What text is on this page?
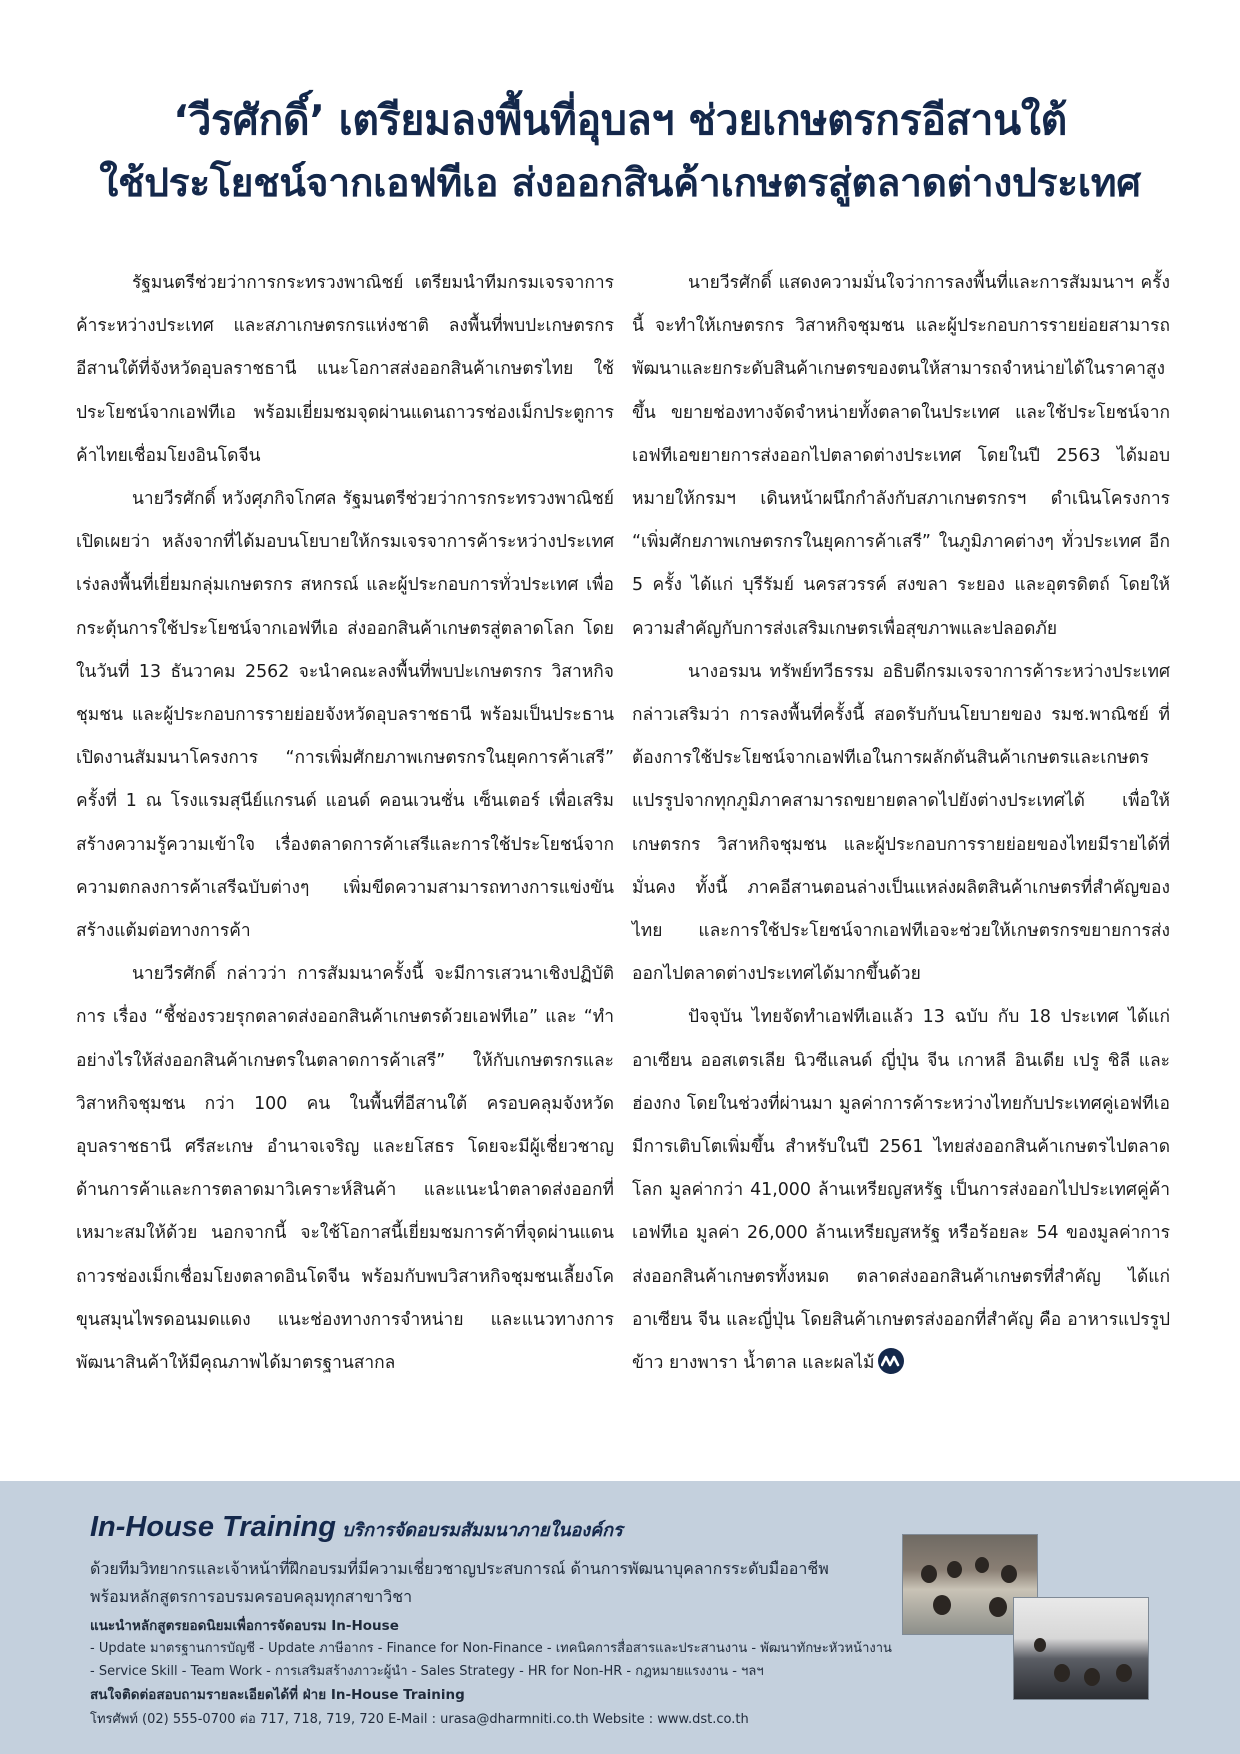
‘วีรศักดิ์’ เตรียมลงพื้นที่อุบลฯ ช่วยเกษตรกรอีสานใต้
ใช้ประโยชน์จากเอฟทีเอ ส่งออกสินค้าเกษตรสู่ตลาดต่างประเทศ

รัฐมนตรีช่วยว่าการกระทรวงพาณิชย์ เตรียมนำทีมกรมเจรจาการค้าระหว่างประเทศ และสภาเกษตรกรแห่งชาติ ลงพื้นที่พบปะเกษตรกรอีสานใต้ที่จังหวัดอุบลราชธานี แนะโอกาสส่งออกสินค้าเกษตรไทย ใช้ประโยชน์จากเอฟทีเอ พร้อมเยี่ยมชมจุดผ่านแดนถาวรช่องเม็กประตูการค้าไทยเชื่อมโยงอินโดจีน

นายวีรศักดิ์ หวังศุภกิจโกศล รัฐมนตรีช่วยว่าการกระทรวงพาณิชย์ เปิดเผยว่า หลังจากที่ได้มอบนโยบายให้กรมเจรจาการค้าระหว่างประเทศ เร่งลงพื้นที่เยี่ยมกลุ่มเกษตรกร สหกรณ์ และผู้ประกอบการทั่วประเทศ เพื่อกระตุ้นการใช้ประโยชน์จากเอฟทีเอ ส่งออกสินค้าเกษตรสู่ตลาดโลก โดยในวันที่ 13 ธันวาคม 2562 จะนำคณะลงพื้นที่พบปะเกษตรกร วิสาหกิจชุมชน และผู้ประกอบการรายย่อยจังหวัดอุบลราชธานี พร้อมเป็นประธานเปิดงานสัมมนาโครงการ “การเพิ่มศักยภาพเกษตรกรในยุคการค้าเสรี” ครั้งที่ 1 ณ โรงแรมสุนีย์แกรนด์ แอนด์ คอนเวนชั่น เซ็นเตอร์ เพื่อเสริมสร้างความรู้ความเข้าใจ เรื่องตลาดการค้าเสรีและการใช้ประโยชน์จากความตกลงการค้าเสรีฉบับต่างๆ เพิ่มขีดความสามารถทางการแข่งขัน สร้างแต้มต่อทางการค้า

นายวีรศักดิ์ กล่าวว่า การสัมมนาครั้งนี้ จะมีการเสวนาเชิงปฏิบัติการ เรื่อง “ชี้ช่องรวยรุกตลาดส่งออกสินค้าเกษตรด้วยเอฟทีเอ” และ “ทำอย่างไรให้ส่งออกสินค้าเกษตรในตลาดการค้าเสรี” ให้กับเกษตรกรและวิสาหกิจชุมชน กว่า 100 คน ในพื้นที่อีสานใต้ ครอบคลุมจังหวัดอุบลราชธานี ศรีสะเกษ อำนาจเจริญ และยโสธร โดยจะมีผู้เชี่ยวชาญด้านการค้าและการตลาดมาวิเคราะห์สินค้า และแนะนำตลาดส่งออกที่เหมาะสมให้ด้วย นอกจากนี้ จะใช้โอกาสนี้เยี่ยมชมการค้าที่จุดผ่านแดนถาวรช่องเม็กเชื่อมโยงตลาดอินโดจีน พร้อมกับพบวิสาหกิจชุมชนเลี้ยงโคขุนสมุนไพรดอนมดแดง แนะช่องทางการจำหน่าย และแนวทางการพัฒนาสินค้าให้มีคุณภาพได้มาตรฐานสากล

นายวีรศักดิ์ แสดงความมั่นใจว่าการลงพื้นที่และการสัมมนาฯ ครั้งนี้ จะทำให้เกษตรกร วิสาหกิจชุมชน และผู้ประกอบการรายย่อยสามารถพัฒนาและยกระดับสินค้าเกษตรของตนให้สามารถจำหน่ายได้ในราคาสูงขึ้น ขยายช่องทางจัดจำหน่ายทั้งตลาดในประเทศ และใช้ประโยชน์จากเอฟทีเอขยายการส่งออกไปตลาดต่างประเทศ โดยในปี 2563 ได้มอบหมายให้กรมฯ เดินหน้าผนึกกำลังกับสภาเกษตรกรฯ ดำเนินโครงการ “เพิ่มศักยภาพเกษตรกรในยุคการค้าเสรี” ในภูมิภาคต่างๆ ทั่วประเทศ อีก 5 ครั้ง ได้แก่ บุรีรัมย์ นครสวรรค์ สงขลา ระยอง และอุตรดิตถ์ โดยให้ความสำคัญกับการส่งเสริมเกษตรเพื่อสุขภาพและปลอดภัย

นางอรมน ทรัพย์ทวีธรรม อธิบดีกรมเจรจาการค้าระหว่างประเทศ กล่าวเสริมว่า การลงพื้นที่ครั้งนี้ สอดรับกับนโยบายของ รมช.พาณิชย์ ที่ต้องการใช้ประโยชน์จากเอฟทีเอในการผลักดันสินค้าเกษตรและเกษตรแปรรูปจากทุกภูมิภาคสามารถขยายตลาดไปยังต่างประเทศได้ เพื่อให้เกษตรกร วิสาหกิจชุมชน และผู้ประกอบการรายย่อยของไทยมีรายได้ที่มั่นคง ทั้งนี้ ภาคอีสานตอนล่างเป็นแหล่งผลิตสินค้าเกษตรที่สำคัญของไทย และการใช้ประโยชน์จากเอฟทีเอจะช่วยให้เกษตรกรขยายการส่งออกไปตลาดต่างประเทศได้มากขึ้นด้วย

ปัจจุบัน ไทยจัดทำเอฟทีเอแล้ว 13 ฉบับ กับ 18 ประเทศ ได้แก่ อาเซียน ออสเตรเลีย นิวซีแลนด์ ญี่ปุ่น จีน เกาหลี อินเดีย เปรู ชิลี และฮ่องกง โดยในช่วงที่ผ่านมา มูลค่าการค้าระหว่างไทยกับประเทศคู่เอฟทีเอมีการเติบโตเพิ่มขึ้น สำหรับในปี 2561 ไทยส่งออกสินค้าเกษตรไปตลาดโลก มูลค่ากว่า 41,000 ล้านเหรียญสหรัฐ เป็นการส่งออกไปประเทศคู่ค้าเอฟทีเอ มูลค่า 26,000 ล้านเหรียญสหรัฐ หรือร้อยละ 54 ของมูลค่าการส่งออกสินค้าเกษตรทั้งหมด ตลาดส่งออกสินค้าเกษตรที่สำคัญ ได้แก่ อาเซียน จีน และญี่ปุ่น โดยสินค้าเกษตรส่งออกที่สำคัญ คือ อาหารแปรรูป ข้าว ยางพารา น้ำตาล และผลไม้

In-House Training บริการจัดอบรมสัมมนาภายในองค์กร
ด้วยทีมวิทยากรและเจ้าหน้าที่ฝึกอบรมที่มีความเชี่ยวชาญประสบการณ์ ด้านการพัฒนาบุคลากรระดับมืออาชีพ
พร้อมหลักสูตรการอบรมครอบคลุมทุกสาขาวิชา
แนะนำหลักสูตรยอดนิยมเพื่อการจัดอบรม In-House
- Update มาตรฐานการบัญชี - Update ภาษีอากร - Finance for Non-Finance - เทคนิคการสื่อสารและประสานงาน - พัฒนาทักษะหัวหน้างาน
- Service Skill - Team Work - การเสริมสร้างภาวะผู้นำ - Sales Strategy - HR for Non-HR - กฎหมายแรงงาน - ฯลฯ
สนใจติดต่อสอบถามรายละเอียดได้ที่ ฝ่าย In-House Training
โทรศัพท์ (02) 555-0700 ต่อ 717, 718, 719, 720 E-Mail : urasa@dharmniti.co.th Website : www.dst.co.th
